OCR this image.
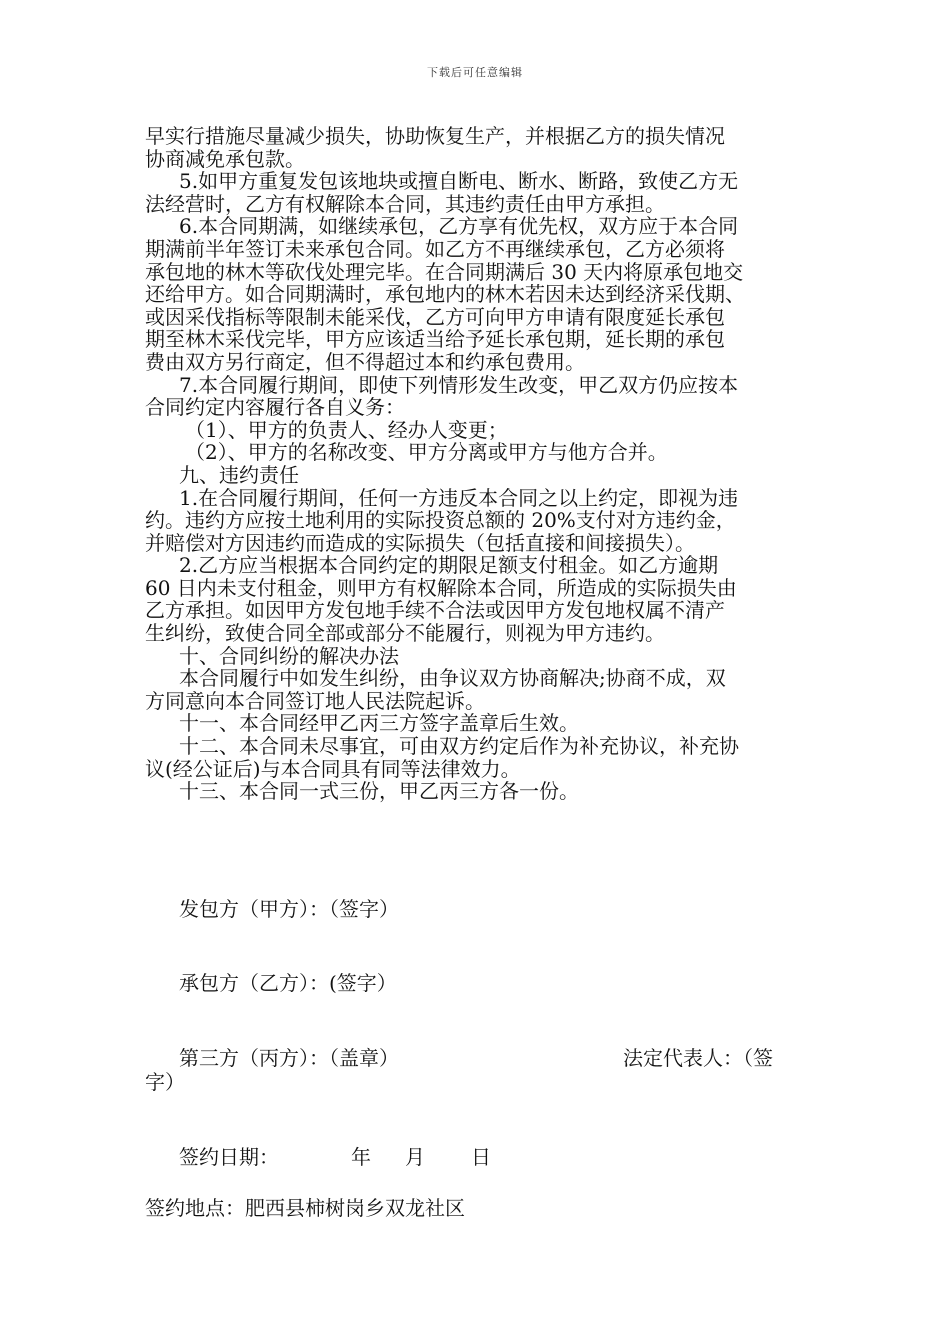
下载后可任意编辑

早实行措施尽量减少损失，协助恢复生产，并根据乙方的损失情况

协商减免承包款。

5.如甲方重复发包该地块或擅自断电、断水、断路，致使乙方无

法经营时，乙方有权解除本合同，其违约责任由甲方承担。

6.本合同期满，如继续承包，乙方享有优先权，双方应于本合同

期满前半年签订未来承包合同。如乙方不再继续承包，乙方必须将

承包地的林木等砍伐处理完毕。在合同期满后 30 天内将原承包地交

还给甲方。如合同期满时，承包地内的林木若因未达到经济采伐期、

或因采伐指标等限制未能采伐，乙方可向甲方申请有限度延长承包

期至林木采伐完毕，甲方应该适当给予延长承包期，延长期的承包

费由双方另行商定，但不得超过本和约承包费用。

7.本合同履行期间，即使下列情形发生改变，甲乙双方仍应按本

合同约定内容履行各自义务：

（1）、甲方的负责人、经办人变更；

（2）、甲方的名称改变、甲方分离或甲方与他方合并。

九、违约责任

1.在合同履行期间，任何一方违反本合同之以上约定，即视为违

约。违约方应按土地利用的实际投资总额的 20%支付对方违约金，

并赔偿对方因违约而造成的实际损失（包括直接和间接损失）。

2.乙方应当根据本合同约定的期限足额支付租金。如乙方逾期

60 日内未支付租金，则甲方有权解除本合同，所造成的实际损失由

乙方承担。如因甲方发包地手续不合法或因甲方发包地权属不清产

生纠纷，致使合同全部或部分不能履行，则视为甲方违约。

十、合同纠纷的解决办法

本合同履行中如发生纠纷，由争议双方协商解决;协商不成，双

方同意向本合同签订地人民法院起诉。

十一、本合同经甲乙丙三方签字盖章后生效。

十二、本合同未尽事宜，可由双方约定后作为补充协议，补充协

议(经公证后)与本合同具有同等法律效力。

十三、本合同一式三份，甲乙丙三方各一份。

发包方（甲方）：（签字）

承包方（乙方）：(签字）

第三方（丙方）：（盖章）	法定代表人：（签
字）

签约日期：	年 月 日

签约地点：肥西县柿树岗乡双龙社区
